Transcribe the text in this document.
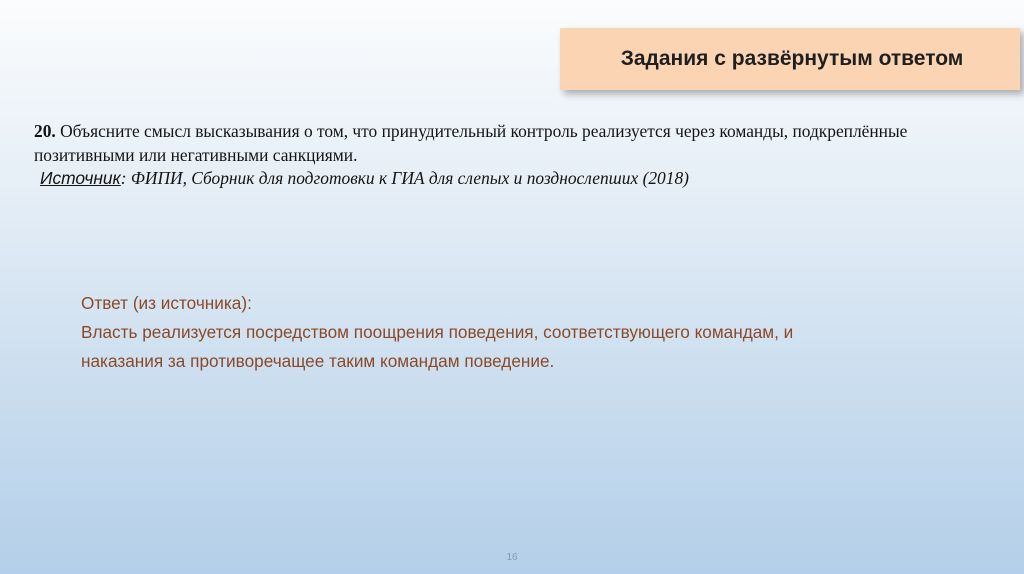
Задания с развёрнутым ответом
20. Объясните смысл высказывания о том, что принудительный контроль реализуется через команды, подкреплённые позитивными или негативными санкциями.
Источник: ФИПИ, Сборник для подготовки к ГИА для слепых и позднослепших (2018)
Ответ (из источника):
Власть реализуется посредством поощрения поведения, соответствующего командам, и
наказания за противоречащее таким командам поведение.
16
